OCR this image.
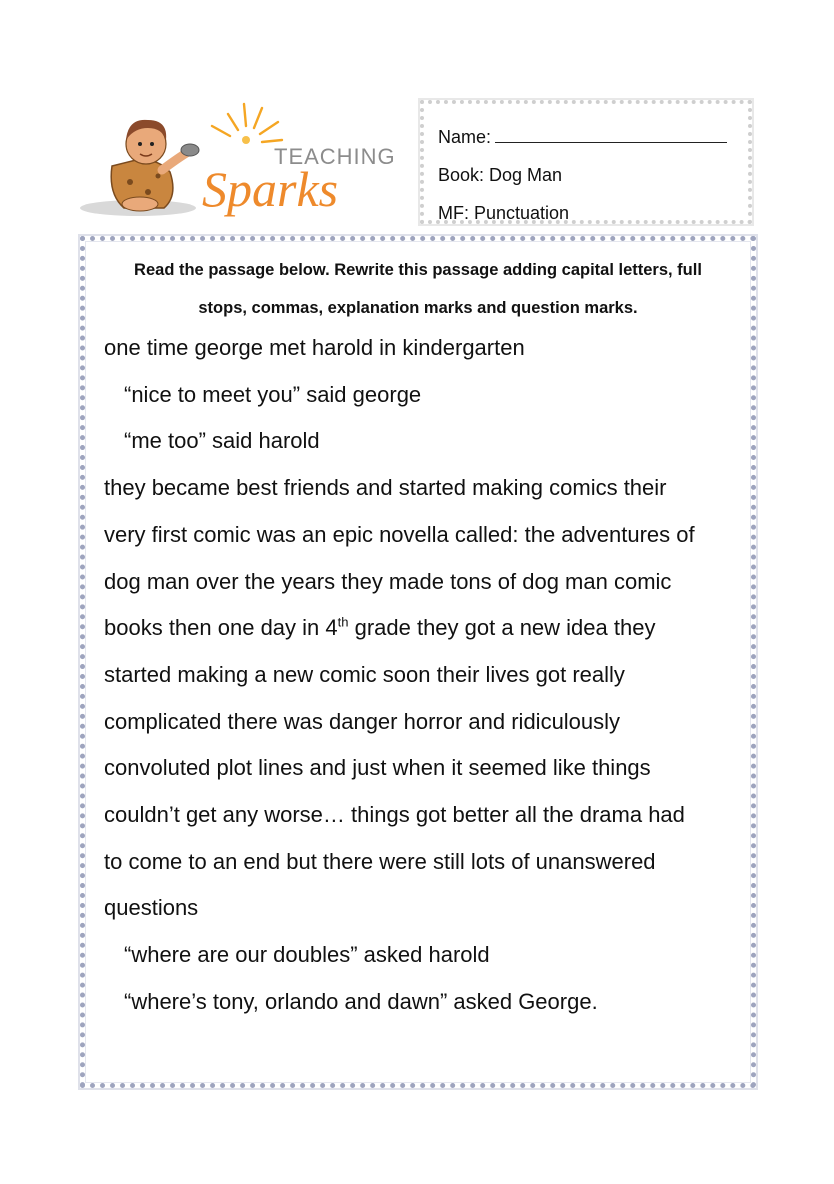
TEACHING
Sparks
Name:
Book: Dog Man
MF: Punctuation
Read the passage below. Rewrite this passage adding capital letters, full
stops, commas, explanation marks and question marks.

one time george met harold in kindergarten

“nice to meet you” said george

“me too” said harold

they became best friends and started making comics their

very first comic was an epic novella called: the adventures of

dog man over the years they made tons of dog man comic

books then one day in 4th grade they got a new idea they

started making a new comic soon their lives got really

complicated there was danger horror and ridiculously

convoluted plot lines and just when it seemed like things

couldn’t get any worse… things got better all the drama had

to come to an end but there were still lots of unanswered

questions

“where are our doubles” asked harold

“where’s tony, orlando and dawn” asked George.
